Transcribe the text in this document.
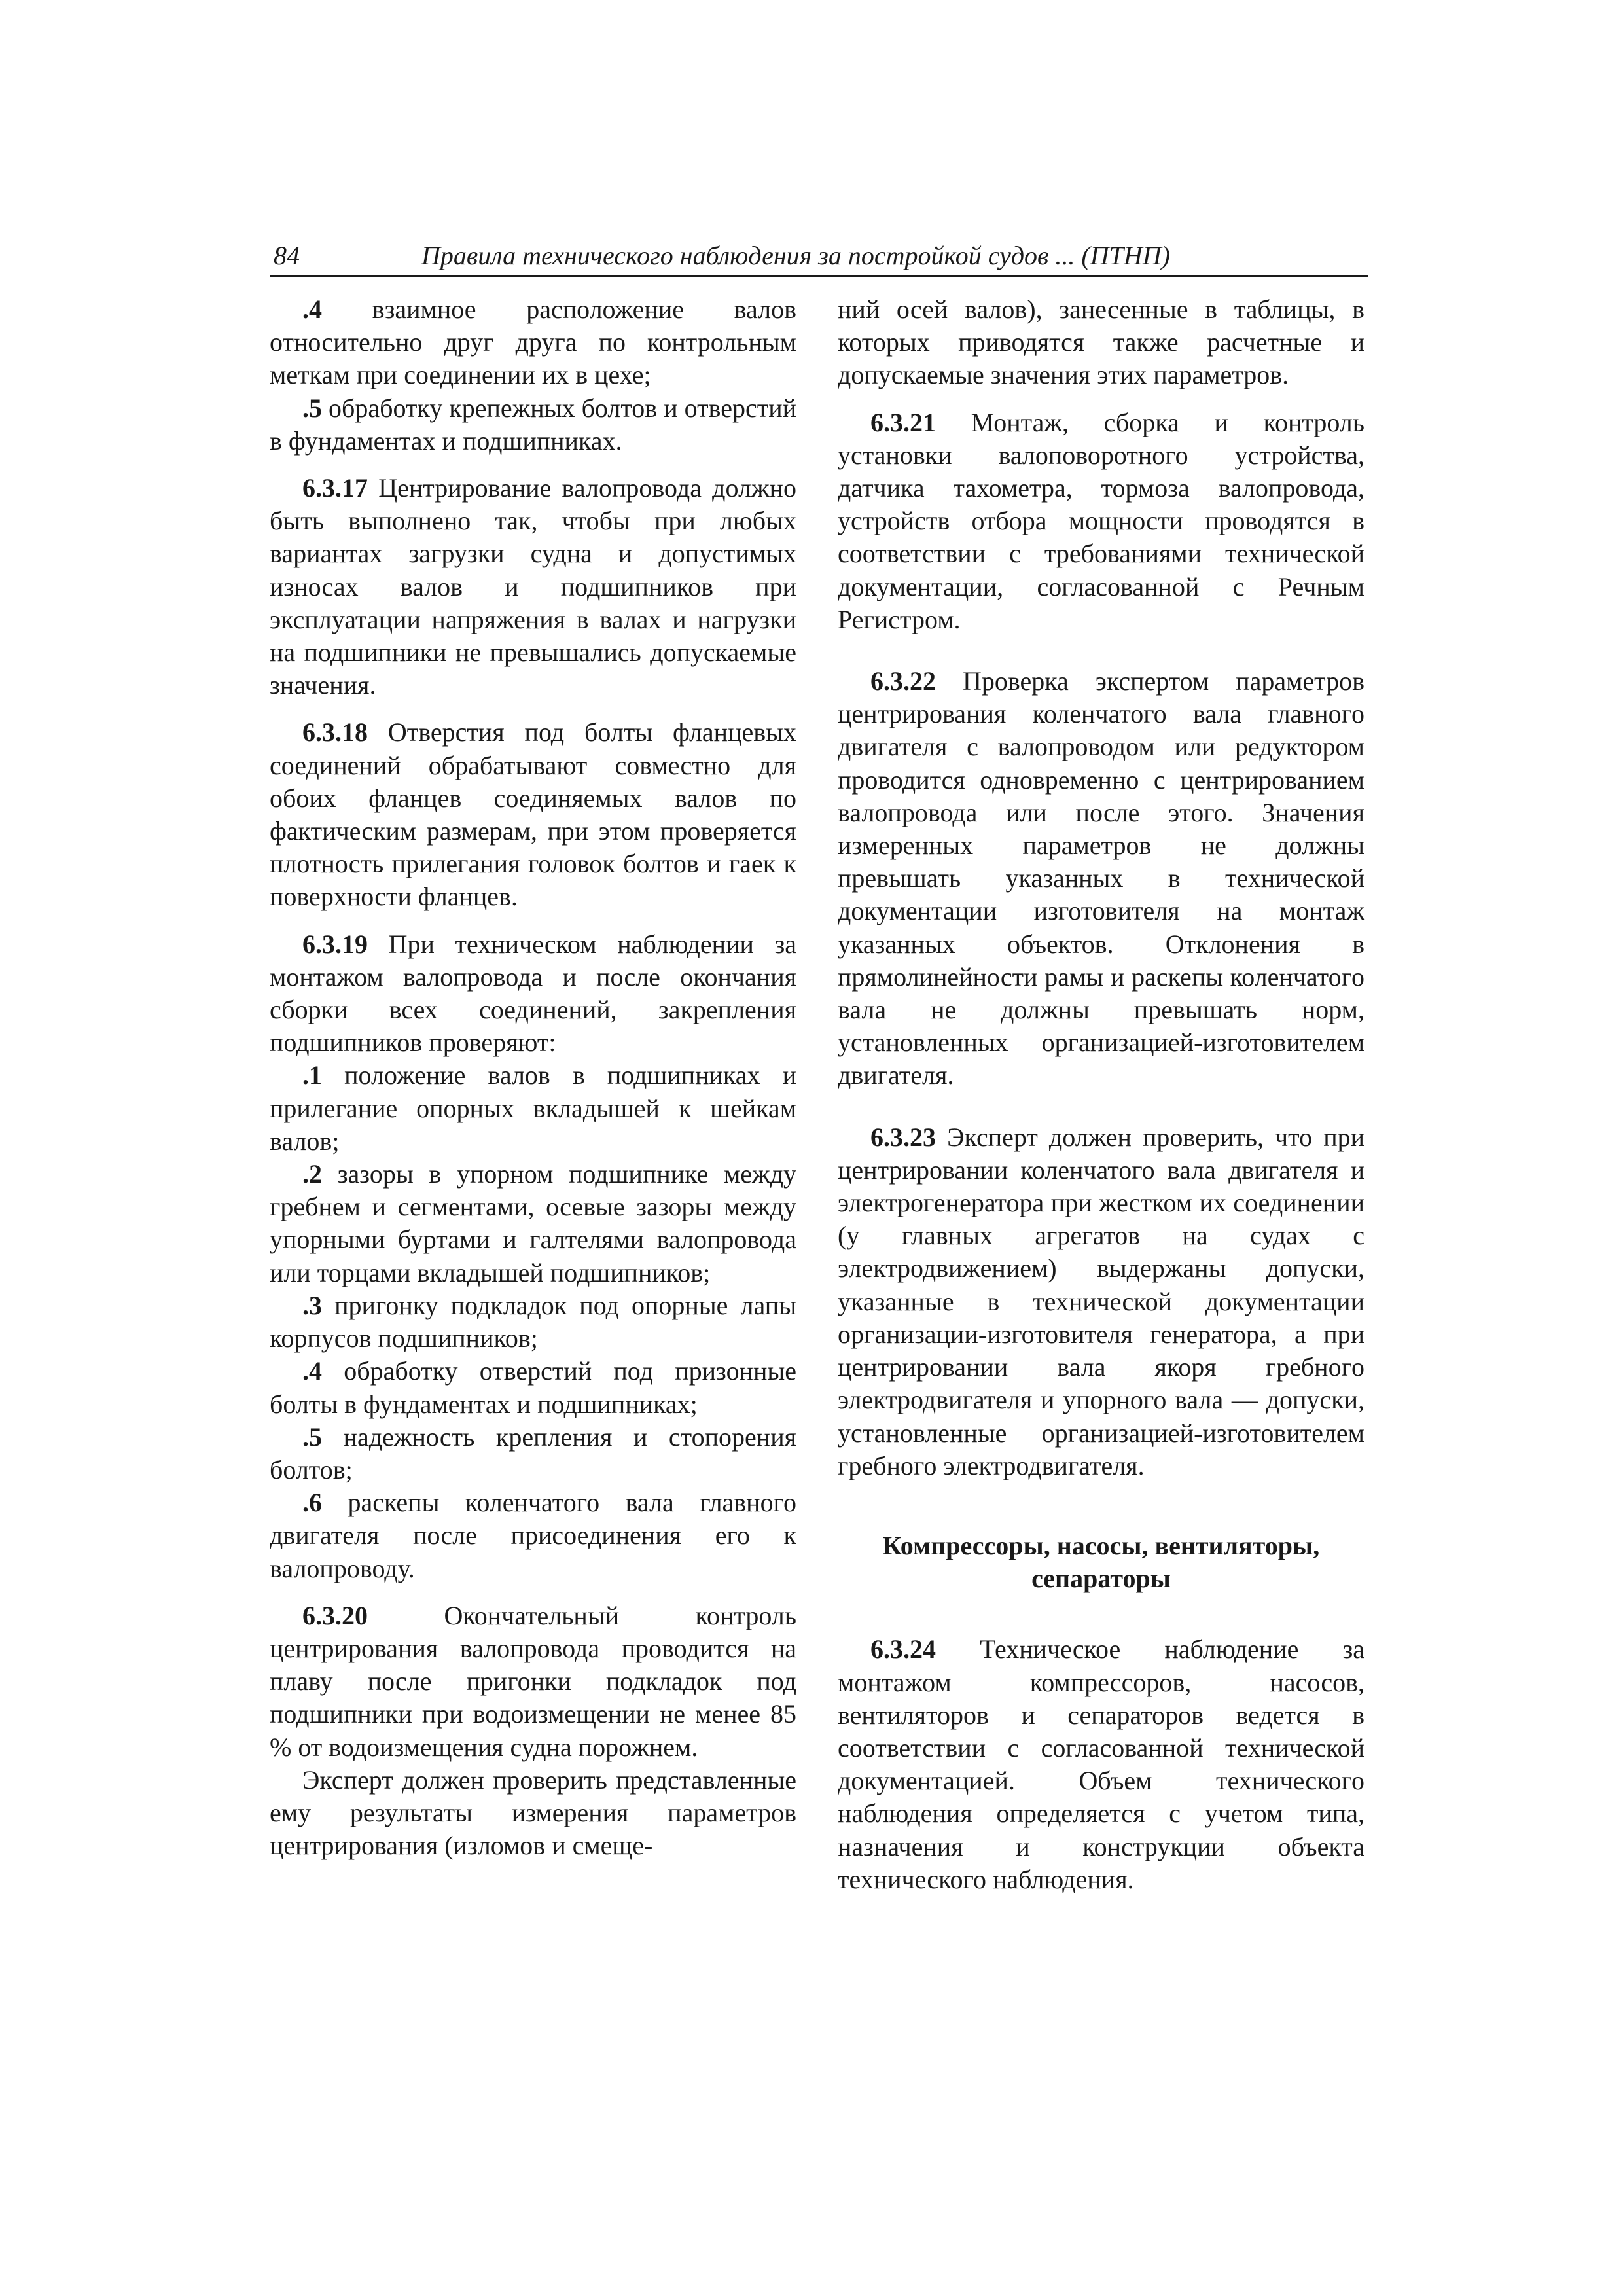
84	Правила технического наблюдения за постройкой судов ... (ПТНП)

.4 взаимное расположение валов относительно друг друга по контрольным меткам при соединении их в цехе;

.5 обработку крепежных болтов и отверстий в фундаментах и подшипниках.

6.3.17 Центрирование валопровода должно быть выполнено так, чтобы при любых вариантах загрузки судна и допустимых износах валов и подшипников при эксплуатации напряжения в валах и нагрузки на подшипники не превышались допускаемые значения.

6.3.18 Отверстия под болты фланцевых соединений обрабатывают совместно для обоих фланцев соединяемых валов по фактическим размерам, при этом проверяется плотность прилегания головок болтов и гаек к поверхности фланцев.

6.3.19 При техническом наблюдении за монтажом валопровода и после окончания сборки всех соединений, закрепления подшипников проверяют:

.1 положение валов в подшипниках и прилегание опорных вкладышей к шейкам валов;

.2 зазоры в упорном подшипнике между гребнем и сегментами, осевые зазоры между упорными буртами и галтелями валопровода или торцами вкладышей подшипников;

.3 пригонку подкладок под опорные лапы корпусов подшипников;

.4 обработку отверстий под призонные болты в фундаментах и подшипниках;

.5 надежность крепления и стопорения болтов;

.6 раскепы коленчатого вала главного двигателя после присоединения его к валопроводу.

6.3.20	Окончательный контроль центрирования валопровода проводится на плаву после пригонки подкладок под подшипники при водоизмещении не менее 85 % от водоизмещения судна порожнем.

Эксперт должен проверить представленные ему результаты измерения параметров центрирования (изломов и смеще-

ний осей валов), занесенные в таблицы, в которых приводятся также расчетные и допускаемые значения этих параметров.

6.3.21 Монтаж, сборка и контроль установки валоповоротного устройства, датчика тахометра, тормоза валопровода, устройств отбора мощности проводятся в соответствии с требованиями технической документации, согласованной с Речным Регистром.

6.3.22 Проверка экспертом параметров центрирования коленчатого вала главного двигателя с валопроводом или редуктором проводится одновременно с центрированием валопровода или после этого. Значения измеренных параметров не должны превышать указанных в технической документации изготовителя на монтаж указанных объектов. Отклонения в прямолинейности рамы и раскепы коленчатого вала не должны превышать норм, установленных организацией-изготовителем двигателя.

6.3.23 Эксперт должен проверить, что при центрировании коленчатого вала двигателя и электрогенератора при жестком их соединении (у главных агрегатов на судах с электродвижением) выдержаны допуски, указанные в технической документации организации-изготовителя генератора, а при центрировании вала якоря гребного электродвигателя и упорного вала — допуски, установленные организацией-изготовителем гребного электродвигателя.

Компрессоры, насосы, вентиляторы,
сепараторы

6.3.24 Техническое наблюдение за монтажом компрессоров, насосов, вентиляторов и сепараторов ведется в соответствии с согласованной технической документацией. Объем технического наблюдения определяется с учетом типа, назначения и конструкции объекта технического наблюдения.
